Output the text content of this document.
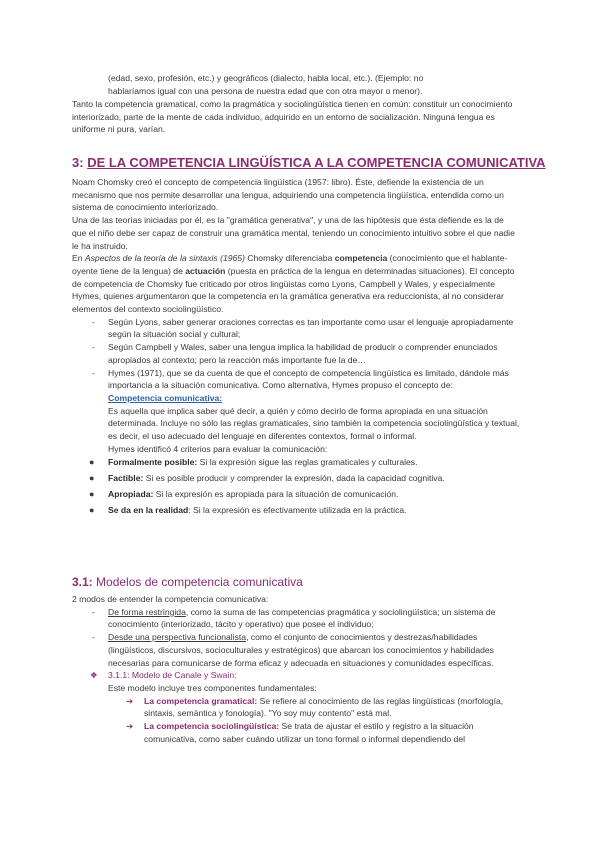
(edad, sexo, profesión, etc.) y geográficos (dialecto, habla local, etc.). (Ejemplo: no

hablaríamos igual con una persona de nuestra edad que con otra mayor o menor).

Tanto la competencia gramatical, como la pragmática y sociolingüística tienen en común: constituir un conocimiento interiorizado, parte de la mente de cada individuo, adquirido en un entorno de socialización. Ninguna lengua es uniforme ni pura, varían.

3: DE LA COMPETENCIA LINGÜÍSTICA A LA COMPETENCIA COMUNICATIVA

Noam Chomsky creó el concepto de competencia lingüística (1957: libro). Éste, defiende la existencia de un mecanismo que nos permite desarrollar una lengua, adquiriendo una competencia lingüística, entendida como un sistema de conocimiento interiorizado.

Una de las teorías iniciadas por él, es la "gramática generativa", y una de las hipótesis que ésta defiende es la de que el niño debe ser capaz de construir una gramática mental, teniendo un conocimiento intuitivo sobre el que nadie le ha instruido.

En Aspectos de la teoría de la sintaxis (1965) Chomsky diferenciaba competencia (conocimiento que el hablante-oyente tiene de la lengua) de actuación (puesta en práctica de la lengua en determinadas situaciones). El concepto de competencia de Chomsky fue criticado por otros lingüistas como Lyons, Campbell y Wales, y especialmente Hymes, quienes argumentaron que la competencia en la gramática generativa era reduccionista, al no considerar elementos del contexto sociolingüístico.

- Según Lyons, saber generar oraciones correctas es tan importante como usar el lenguaje apropiadamente según la situación social y cultural;
- Según Campbell y Wales, saber una lengua implica la habilidad de producir o comprender enunciados apropiados al contexto; pero la reacción más importante fue la de…
- Hymes (1971), que se da cuenta de que el concepto de competencia lingüística es limitado, dándole más importancia a la situación comunicativa. Como alternativa, Hymes propuso el concepto de:

Competencia comunicativa:

Es aquella que implica saber qué decir, a quién y cómo decirlo de forma apropiada en una situación determinada. Incluye no sólo las reglas gramaticales, sino también la competencia sociolingüística y textual, es decir, el uso adecuado del lenguaje en diferentes contextos, formal o informal.

Hymes identificó 4 criterios para evaluar la comunicación:

● Formalmente posible: Si la expresión sigue las reglas gramaticales y culturales.
● Factible: Si es posible producir y comprender la expresión, dada la capacidad cognitiva.
● Apropiada: Si la expresión es apropiada para la situación de comunicación.
● Se da en la realidad: Si la expresión es efectivamente utilizada en la práctica.
3.1: Modelos de competencia comunicativa

2 modos de entender la competencia comunicativa:

- De forma restringida, como la suma de las competencias pragmática y sociolingüística; un sistema de conocimiento (interiorizado, tácito y operativo) que posee el individuo;
- Desde una perspectiva funcionalista, como el conjunto de conocimientos y destrezas/habilidades (lingüísticos, discursivos, socioculturales y estratégicos) que abarcan los conocimientos y habilidades necesarias para comunicarse de forma eficaz y adecuada en situaciones y comunidades específicas.
❖ 3.1.1: Modelo de Canale y Swain:

Este modelo incluye tres componentes fundamentales:

➔ La competencia gramatical: Se refiere al conocimiento de las reglas lingüísticas (morfología, sintaxis, semántica y fonología). "Yo soy muy contento" está mal.
➔ La competencia sociolingüística: Se trata de ajustar el estilo y registro a la situación comunicativa, como saber cuándo utilizar un tono formal o informal dependiendo del
